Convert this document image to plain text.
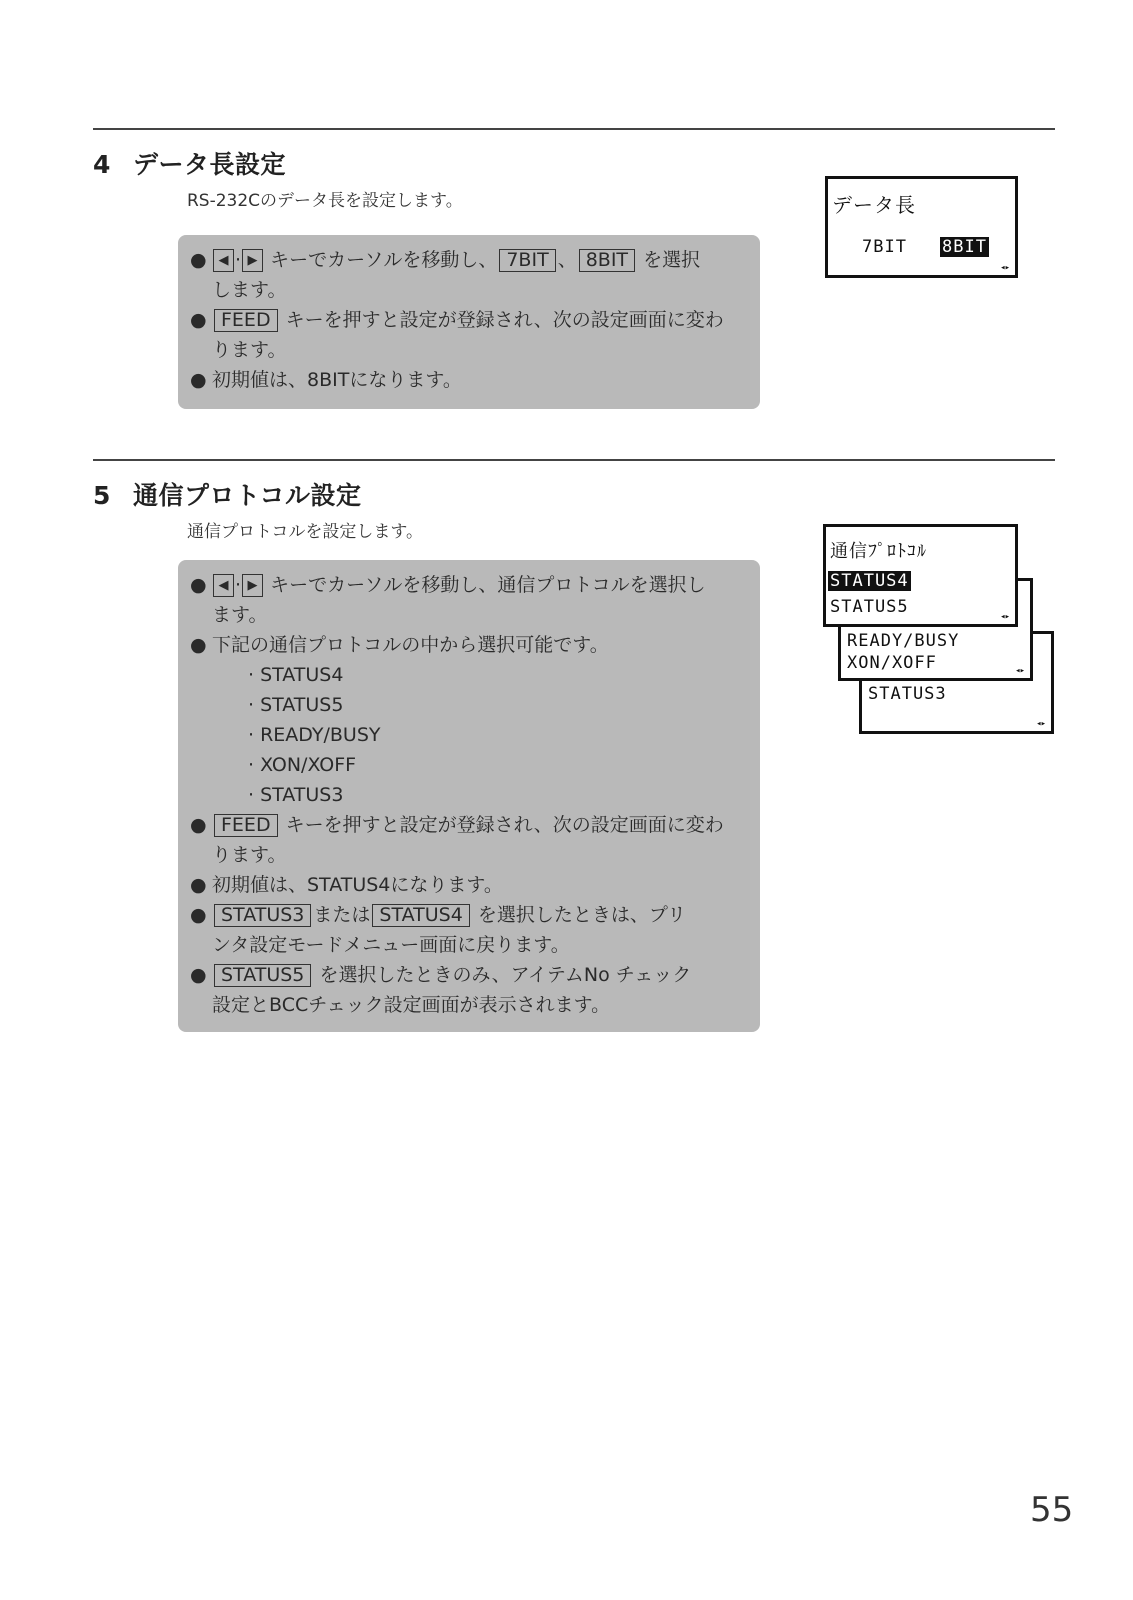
4 データ長設定
RS-232Cのデータ長を設定します。

● ◀ · ▶ キーでカーソルを移動し、 7BIT 、 8BIT を選択
します。

● FEED キーを押すと設定が登録され、次の設定画面に変わ
ります。

● 初期値は、8BITになります。

データ長
7BIT 8BIT
◂▸
5 通信プロトコル設定
通信プロトコルを設定します。

● ◀ · ▶ キーでカーソルを移動し、通信プロトコルを選択し
ます。

● 下記の通信プロトコルの中から選択可能です。

· STATUS4

· STATUS5

· READY/BUSY

· XON/XOFF

· STATUS3

● FEED キーを押すと設定が登録され、次の設定画面に変わ
ります。

● 初期値は、STATUS4になります。

● STATUS3 または STATUS4 を選択したときは、プリ
ンタ設定モードメニュー画面に戻ります。

● STATUS5 を選択したときのみ、アイテムNo チェック
設定とBCCチェック設定画面が表示されます。

STATUS3
◂▸
READY/BUSY
XON/XOFF	◂▸
通信ﾌﾟﾛﾄｺﾙ
STATUS4
STATUS5	◂▸
55
